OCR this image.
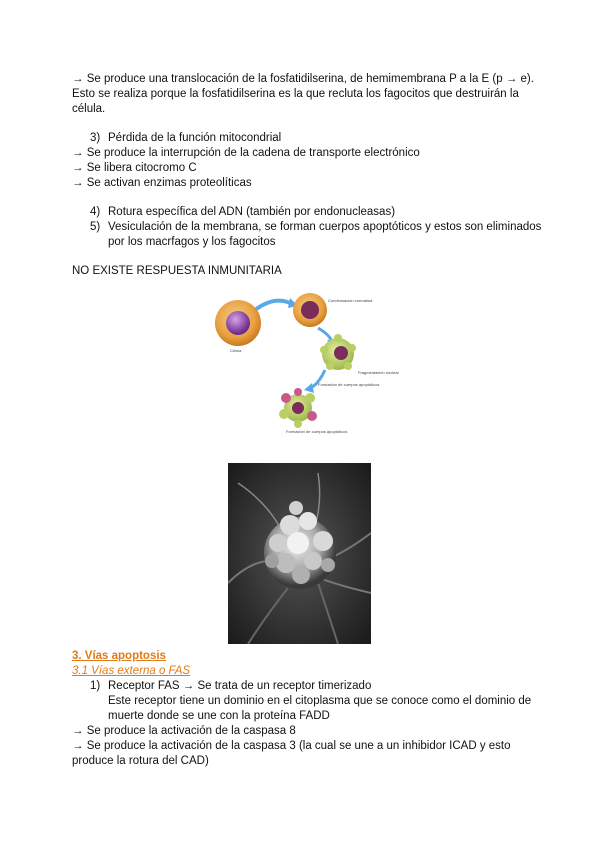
→ Se produce una translocación de la fosfatidilserina, de hemimembrana P a la E (p → e).
Esto se realiza porque la fosfatidilserina es la que recluta los fagocitos que destruirán la
célula.
3) Pérdida de la función mitocondrial
→ Se produce la interrupción de la cadena de transporte electrónico
→ Se libera citocromo C
→ Se activan enzimas proteolíticas
4) Rotura específica del ADN (también por endonucleasas)
5) Vesiculación de la membrana, se forman cuerpos apoptóticos y estos son eliminados
por los macrfagos y los fagocitos
NO EXISTE RESPUESTA INMUNITARIA
Célula
Condensación cromatina
Fragmentación nuclear
Formación de cuerpos apoptóticos
Formación de cuerpos apoptóticos
3. Vías apoptosis
3.1 Vías externa o FAS
1) Receptor FAS → Se trata de un receptor timerizado
Este receptor tiene un dominio en el citoplasma que se conoce como el dominio de
muerte donde se une con la proteína FADD
→ Se produce la activación de la caspasa 8
→ Se produce la activación de la caspasa 3 (la cual se une a un inhibidor ICAD y esto
produce la rotura del CAD)
